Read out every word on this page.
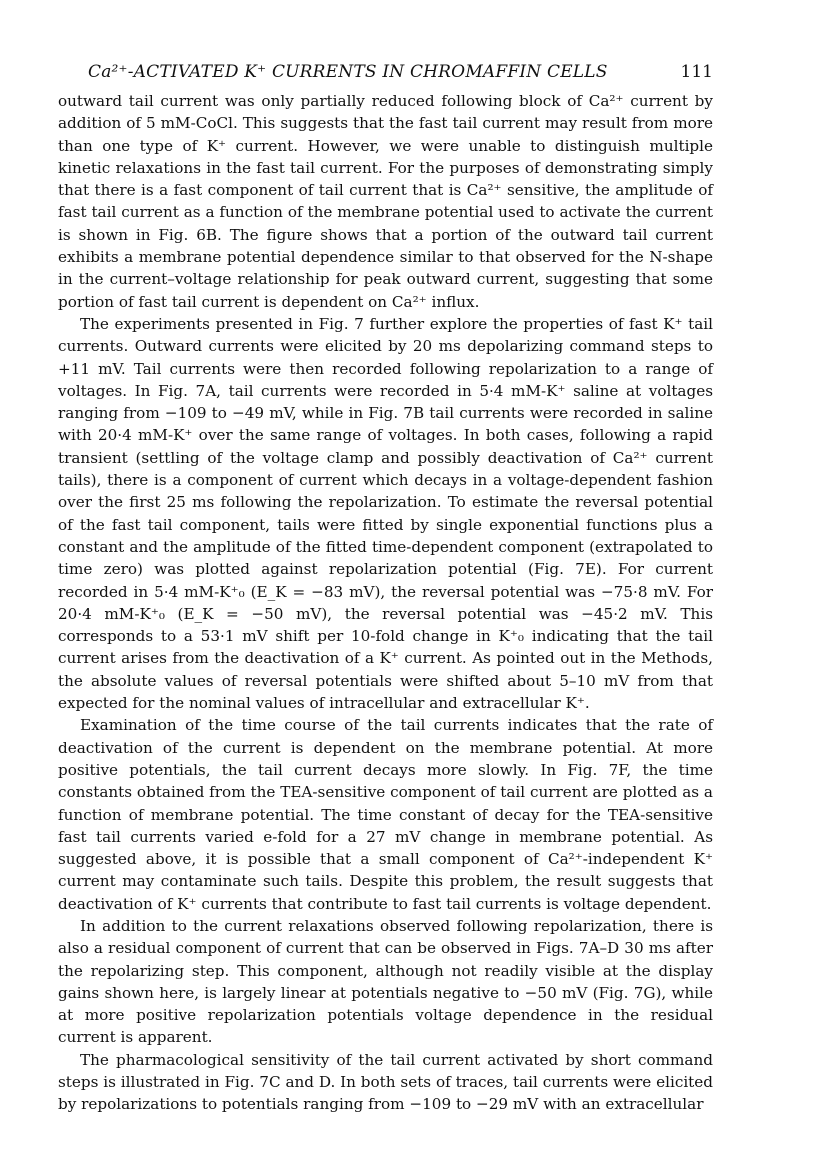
Ca²⁺-ACTIVATED K⁺ CURRENTS IN CHROMAFFIN CELLS	111

outward tail current was only partially reduced following block of Ca²⁺ current by addition of 5 mM-CoCl. This suggests that the fast tail current may result from more than one type of K⁺ current. However, we were unable to distinguish multiple kinetic relaxations in the fast tail current. For the purposes of demonstrating simply that there is a fast component of tail current that is Ca²⁺ sensitive, the amplitude of fast tail current as a function of the membrane potential used to activate the current is shown in Fig. 6B. The figure shows that a portion of the outward tail current exhibits a membrane potential dependence similar to that observed for the N-shape in the current–voltage relationship for peak outward current, suggesting that some portion of fast tail current is dependent on Ca²⁺ influx.

The experiments presented in Fig. 7 further explore the properties of fast K⁺ tail currents. Outward currents were elicited by 20 ms depolarizing command steps to +11 mV. Tail currents were then recorded following repolarization to a range of voltages. In Fig. 7A, tail currents were recorded in 5·4 mM-K⁺ saline at voltages ranging from −109 to −49 mV, while in Fig. 7B tail currents were recorded in saline with 20·4 mM-K⁺ over the same range of voltages. In both cases, following a rapid transient (settling of the voltage clamp and possibly deactivation of Ca²⁺ current tails), there is a component of current which decays in a voltage-dependent fashion over the first 25 ms following the repolarization. To estimate the reversal potential of the fast tail component, tails were fitted by single exponential functions plus a constant and the amplitude of the fitted time-dependent component (extrapolated to time zero) was plotted against repolarization potential (Fig. 7E). For current recorded in 5·4 mM-K⁺₀ (E_K = −83 mV), the reversal potential was −75·8 mV. For 20·4 mM-K⁺₀ (E_K = −50 mV), the reversal potential was −45·2 mV. This corresponds to a 53·1 mV shift per 10-fold change in K⁺₀ indicating that the tail current arises from the deactivation of a K⁺ current. As pointed out in the Methods, the absolute values of reversal potentials were shifted about 5–10 mV from that expected for the nominal values of intracellular and extracellular K⁺.

Examination of the time course of the tail currents indicates that the rate of deactivation of the current is dependent on the membrane potential. At more positive potentials, the tail current decays more slowly. In Fig. 7F, the time constants obtained from the TEA-sensitive component of tail current are plotted as a function of membrane potential. The time constant of decay for the TEA-sensitive fast tail currents varied e-fold for a 27 mV change in membrane potential. As suggested above, it is possible that a small component of Ca²⁺-independent K⁺ current may contaminate such tails. Despite this problem, the result suggests that deactivation of K⁺ currents that contribute to fast tail currents is voltage dependent.

In addition to the current relaxations observed following repolarization, there is also a residual component of current that can be observed in Figs. 7A–D 30 ms after the repolarizing step. This component, although not readily visible at the display gains shown here, is largely linear at potentials negative to −50 mV (Fig. 7G), while at more positive repolarization potentials voltage dependence in the residual current is apparent.

The pharmacological sensitivity of the tail current activated by short command steps is illustrated in Fig. 7C and D. In both sets of traces, tail currents were elicited by repolarizations to potentials ranging from −109 to −29 mV with an extracellular
